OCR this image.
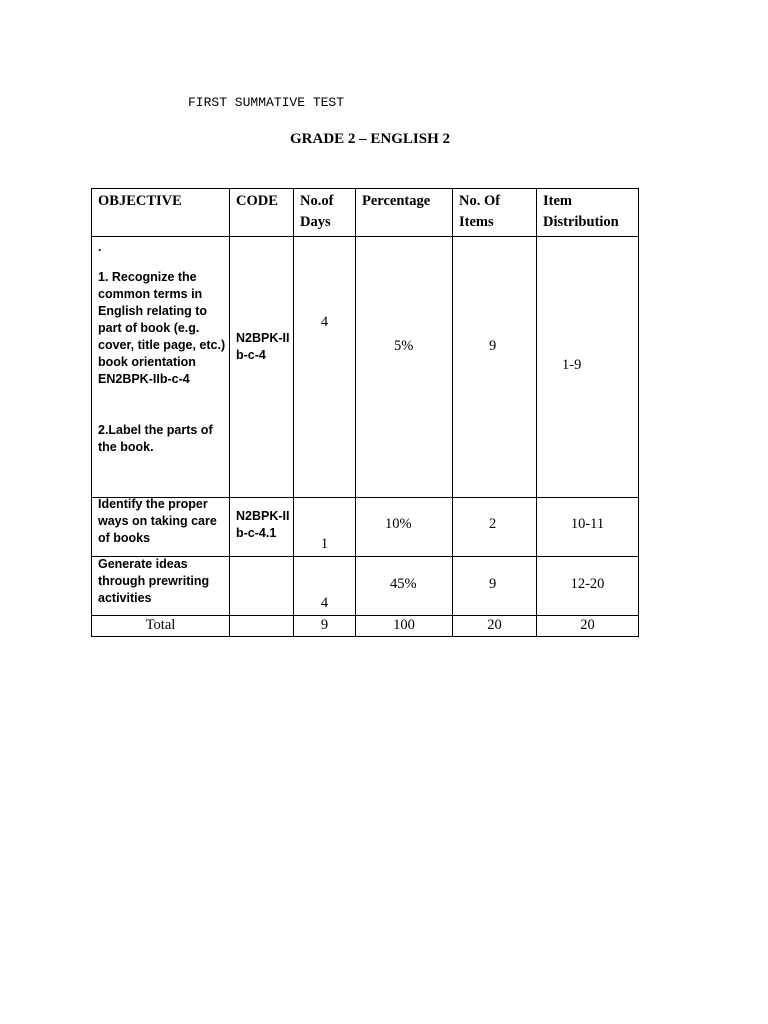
FIRST SUMMATIVE TEST
GRADE 2 – ENGLISH 2
OBJECTIVE	CODE	No.of Days	Percentage	No. Of Items	Item Distribution

.
1. Recognize the common terms in English relating to part of book (e.g. cover, title page, etc.) book orientation EN2BPK-IIb-c-4
2.Label the parts of the book.	N2BPK-IIb-c-4	4	5%	9	1-9

Identify the proper ways on taking care of books	N2BPK-IIb-c-4.1	1	10%	2	10-11

Generate ideas through prewriting activities		4	45%	9	12-20

Total		9	100	20	20
